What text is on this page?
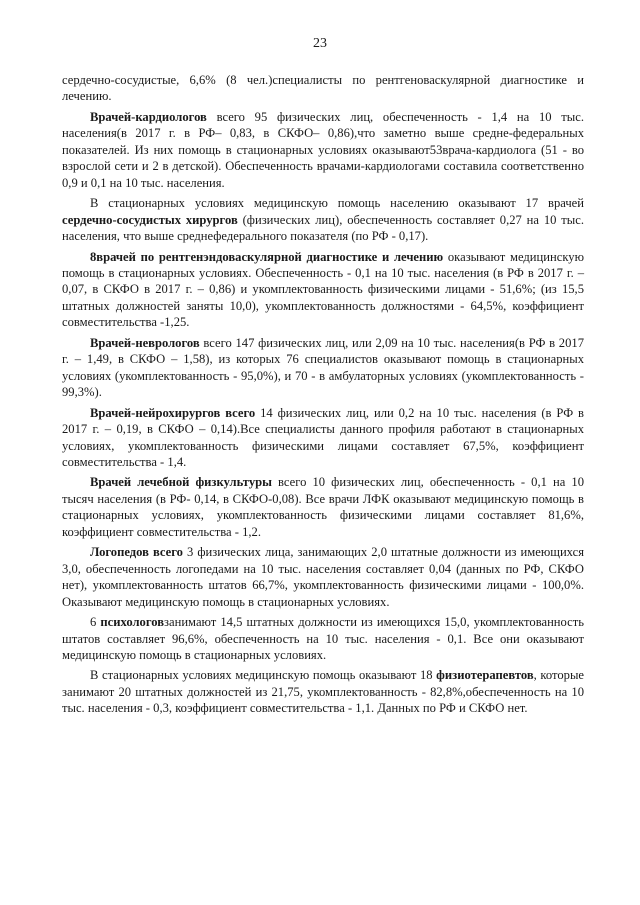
23

сердечно-сосудистые, 6,6% (8 чел.)специалисты по рентгеноваскулярной диагностике и лечению.

Врачей-кардиологов всего 95 физических лиц, обеспеченность - 1,4 на 10 тыс. населения(в 2017 г. в РФ– 0,83, в СКФО– 0,86),что заметно выше средне-федеральных показателей. Из них помощь в стационарных условиях оказывают53врача-кардиолога (51 - во взрослой сети и 2 в детской). Обеспеченность врачами-кардиологами составила соответственно 0,9 и 0,1 на 10 тыс. населения.

В стационарных условиях медицинскую помощь населению оказывают 17 врачей сердечно-сосудистых хирургов (физических лиц), обеспеченность составляет 0,27 на 10 тыс. населения, что выше среднефедерального показателя (по РФ - 0,17).

8врачей по рентгенэндоваскулярной диагностике и лечению оказывают медицинскую помощь в стационарных условиях. Обеспеченность - 0,1 на 10 тыс. населения (в РФ в 2017 г. – 0,07, в СКФО в 2017 г. – 0,86) и укомплектованность физическими лицами - 51,6%; (из 15,5 штатных должностей заняты 10,0), укомплектованность должностями - 64,5%, коэффициент совместительства -1,25.

Врачей-неврологов всего 147 физических лиц, или 2,09 на 10 тыс. населения(в РФ в 2017 г. – 1,49, в СКФО – 1,58), из которых 76 специалистов оказывают помощь в стационарных условиях (укомплектованность - 95,0%), и 70 - в амбулаторных условиях (укомплектованность - 99,3%).

Врачей-нейрохирургов всего 14 физических лиц, или 0,2 на 10 тыс. населения (в РФ в 2017 г. – 0,19, в СКФО – 0,14).Все специалисты данного профиля работают в стационарных условиях, укомплектованность физическими лицами составляет 67,5%, коэффициент совместительства - 1,4.

Врачей лечебной физкультуры всего 10 физических лиц, обеспеченность - 0,1 на 10 тысяч населения (в РФ- 0,14, в СКФО-0,08). Все врачи ЛФК оказывают медицинскую помощь в стационарных условиях, укомплектованность физическими лицами составляет 81,6%, коэффициент совместительства - 1,2.

Логопедов всего 3 физических лица, занимающих 2,0 штатные должности из имеющихся 3,0, обеспеченность логопедами на 10 тыс. населения составляет 0,04 (данных по РФ, СКФО нет), укомплектованность штатов 66,7%, укомплектованность физическими лицами - 100,0%. Оказывают медицинскую помощь в стационарных условиях.

6 психологовзанимают 14,5 штатных должности из имеющихся 15,0, укомплектованность штатов составляет 96,6%, обеспеченность на 10 тыс. населения - 0,1. Все они оказывают медицинскую помощь в стационарных условиях.

В стационарных условиях медицинскую помощь оказывают 18 физиотерапевтов, которые занимают 20 штатных должностей из 21,75, укомплектованность - 82,8%,обеспеченность на 10 тыс. населения - 0,3, коэффициент совместительства - 1,1. Данных по РФ и СКФО нет.
